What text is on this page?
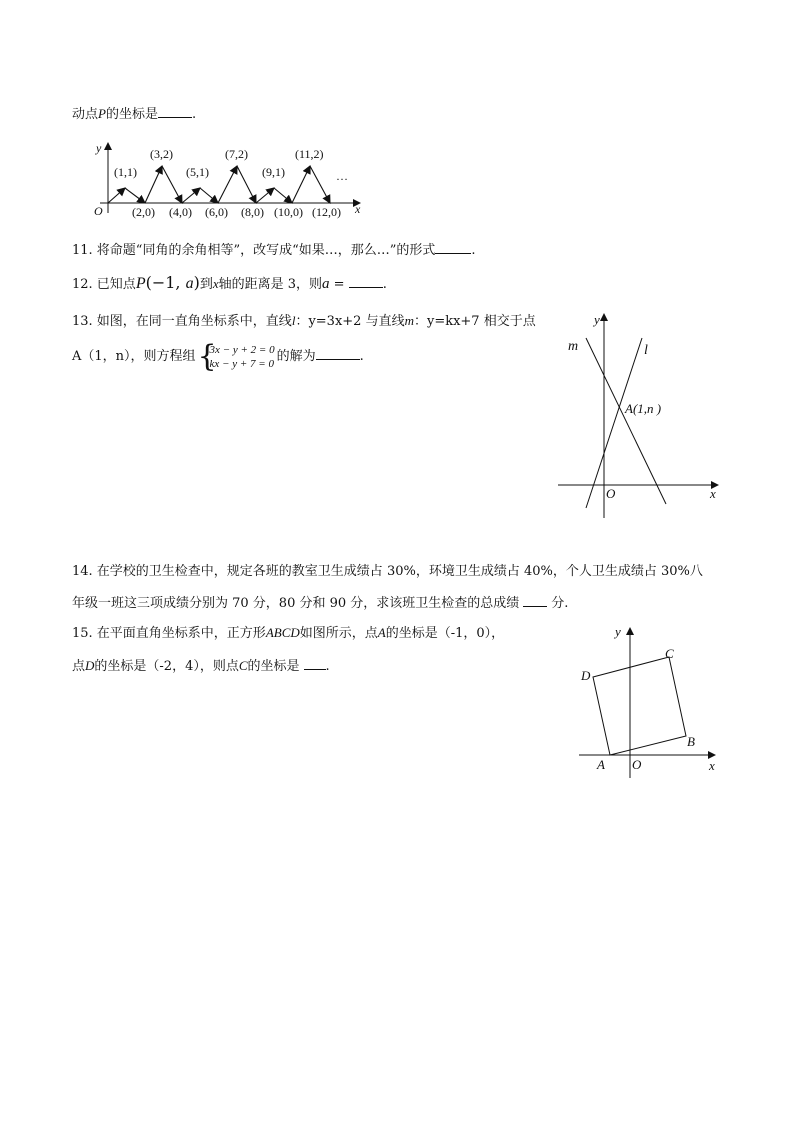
动点P的坐标是	.
y
x
O
…
(1,1)
(3,2)
(5,1)
(7,2)
(9,1)
(11,2)
(2,0) (4,0) (6,0) (8,0) (10,0) (12,0)
11. 将命题“同角的余角相等”，改写成“如果…，那么…”的形式	.
12. 已知点P(−1, a)到x轴的距离是 3，则a =	.
13. 如图，在同一直角坐标系中，直线l：y=3x+2 与直线m：y=kx+7 相交于点
A（1，n），则方程组 {
3x − y + 2 = 0
kx − y + 7 = 0 的解为	.
y
x
O
m	l
A(1,n )
14. 在学校的卫生检查中，规定各班的教室卫生成绩占 30%，环境卫生成绩占 40%，个人卫生成绩占 30%八
年级一班这三项成绩分别为 70 分，80 分和 90 分，求该班卫生检查的总成绩 分.
15. 在平面直角坐标系中，正方形ABCD如图所示，点A的坐标是（-1，0），
点D的坐标是（-2，4），则点C的坐标是 .
y
x
O
A
B
C
D
